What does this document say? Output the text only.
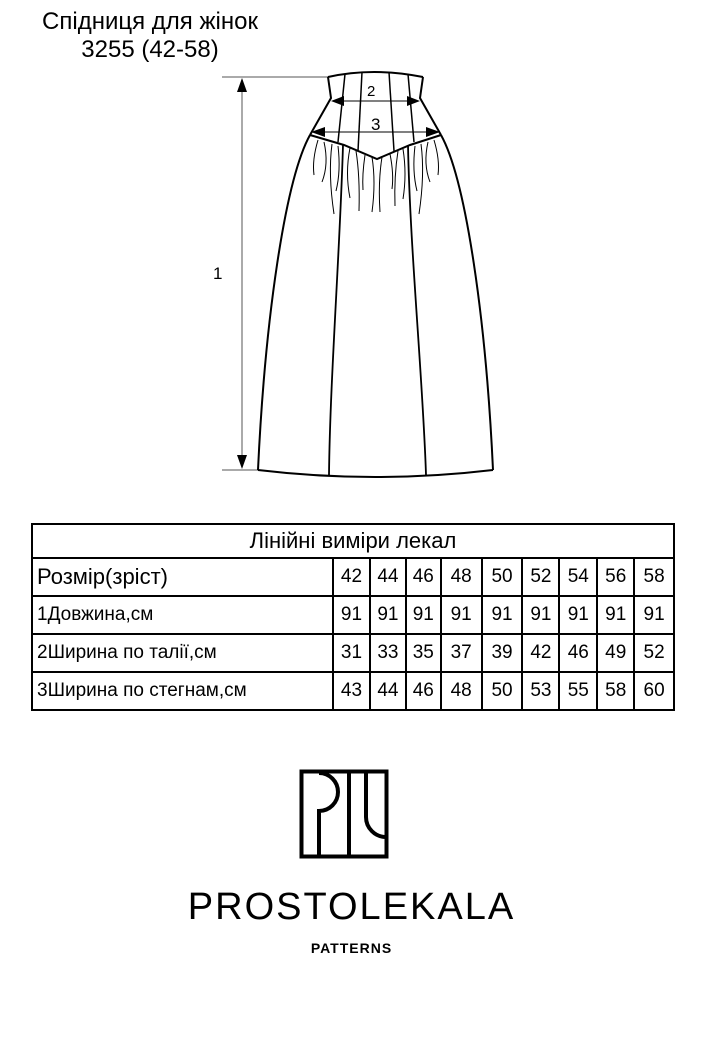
Спідниця для жінок
3255 (42-58)
1
2
3
Лінійні виміри лекал
Розмір(зріст)	42 44 46 48	50 52 54 56 58
1Довжина,см	91 91 91 91	91 91 91 91 91
2Ширина по талії,см	31 33 35 37	39 42 46 49 52
3Ширина по стегнам,см	43 44 46 48	50 53 55 58 60
PROSTOLEKALA
PATTERNS
